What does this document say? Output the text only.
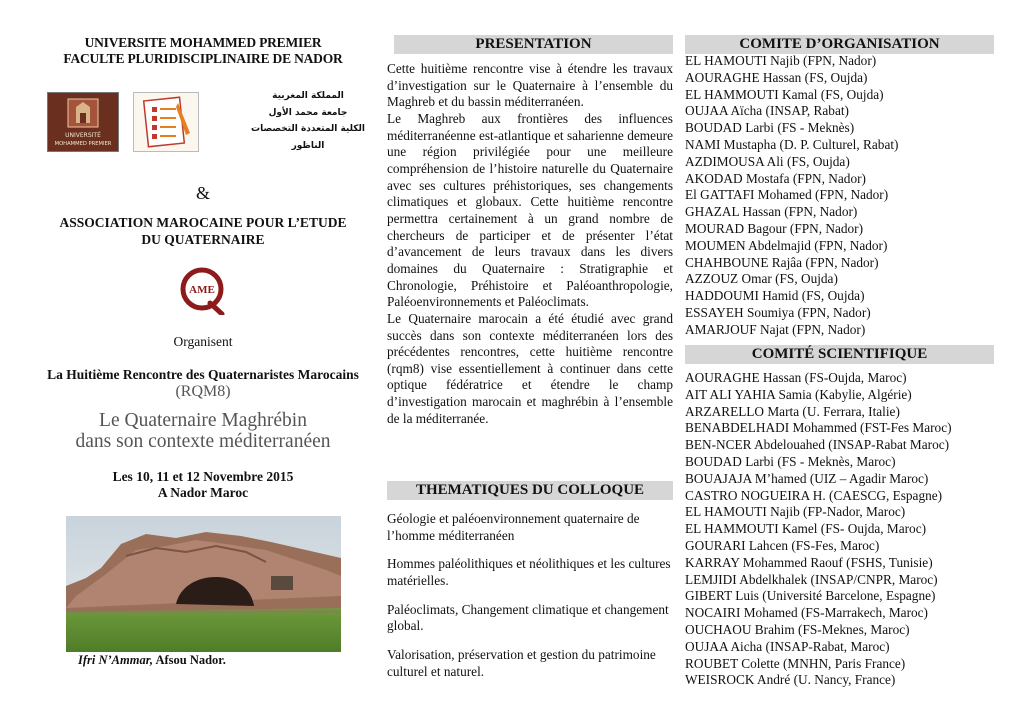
UNIVERSITE MOHAMMED PREMIER
FACULTE PLURIDISCIPLINAIRE DE NADOR
UNIVERSITÉ
MOHAMMED PREMIER
المملكة المغربية
جامعة محمد الأول
الكلية المتعددة التخصصات
الناظور
&
ASSOCIATION MAROCAINE POUR L’ETUDE
DU QUATERNAIRE
AME
Organisent
La Huitième Rencontre des Quaternaristes Marocains
(RQM8)
Le Quaternaire Maghrébin
dans son contexte méditerranéen
Les 10, 11 et 12 Novembre 2015
A Nador Maroc
Ifri N’Ammar, Afsou Nador.
PRESENTATION

Cette huitième rencontre vise à étendre les travaux d’investigation sur le Quaternaire à l’ensemble du Maghreb et du bassin méditerranéen.

Le Maghreb aux frontières des influences méditerranéenne est-atlantique et saharienne demeure une région privilégiée pour une meilleure compréhension de l’histoire naturelle du Quaternaire avec ses cultures préhistoriques, ses changements climatiques et globaux. Cette huitième rencontre permettra certainement à un grand nombre de chercheurs de participer et de présenter l’état d’avancement de leurs travaux dans les divers domaines du Quaternaire : Stratigraphie et Chronologie, Préhistoire et Paléoanthropologie, Paléoenvironnements et Paléoclimats.

Le Quaternaire marocain a été étudié avec grand succès dans son contexte méditerranéen lors des précédentes rencontres, cette huitième rencontre (rqm8) vise essentiellement à continuer dans cette optique fédératrice et étendre le champ d’investigation marocain et maghrébin à l’ensemble de la méditerranée.

THEMATIQUES DU COLLOQUE

Géologie et paléoenvironnement quaternaire de l’homme méditerranéen

Hommes paléolithiques et néolithiques et les cultures matérielles.

Paléoclimats, Changement climatique et changement global.

Valorisation, préservation et gestion du patrimoine culturel et naturel.

COMITE D’ORGANISATION
EL HAMOUTI Najib (FPN, Nador)
AOURAGHE Hassan (FS, Oujda)
EL HAMMOUTI Kamal (FS, Oujda)
OUJAA Aïcha (INSAP, Rabat)
BOUDAD Larbi (FS - Meknès)
NAMI Mustapha (D. P. Culturel, Rabat)
AZDIMOUSA Ali (FS, Oujda)
AKODAD Mostafa (FPN, Nador)
El GATTAFI Mohamed (FPN, Nador)
GHAZAL Hassan (FPN, Nador)
MOURAD Bagour (FPN, Nador)
MOUMEN Abdelmajid (FPN, Nador)
CHAHBOUNE Rajâa (FPN, Nador)
AZZOUZ Omar (FS, Oujda)
HADDOUMI Hamid (FS, Oujda)
ESSAYEH Soumiya (FPN, Nador)
AMARJOUF Najat (FPN, Nador)
COMITÉ SCIENTIFIQUE
AOURAGHE Hassan (FS-Oujda, Maroc)
AIT ALI YAHIA Samia (Kabylie, Algérie)
ARZARELLO Marta (U. Ferrara, Italie)
BENABDELHADI Mohammed (FST-Fes Maroc)
BEN-NCER Abdelouahed (INSAP-Rabat Maroc)
BOUDAD Larbi (FS - Meknès, Maroc)
BOUAJAJA M’hamed (UIZ – Agadir Maroc)
CASTRO NOGUEIRA H. (CAESCG, Espagne)
EL HAMOUTI Najib (FP-Nador, Maroc)
EL HAMMOUTI Kamel (FS- Oujda, Maroc)
GOURARI Lahcen (FS-Fes, Maroc)
KARRAY Mohammed Raouf (FSHS, Tunisie)
LEMJIDI Abdelkhalek (INSAP/CNPR, Maroc)
GIBERT Luis (Université Barcelone, Espagne)
NOCAIRI Mohamed (FS-Marrakech, Maroc)
OUCHAOU Brahim (FS-Meknes, Maroc)
OUJAA Aicha (INSAP-Rabat, Maroc)
ROUBET Colette (MNHN, Paris France)
WEISROCK André (U. Nancy, France)
